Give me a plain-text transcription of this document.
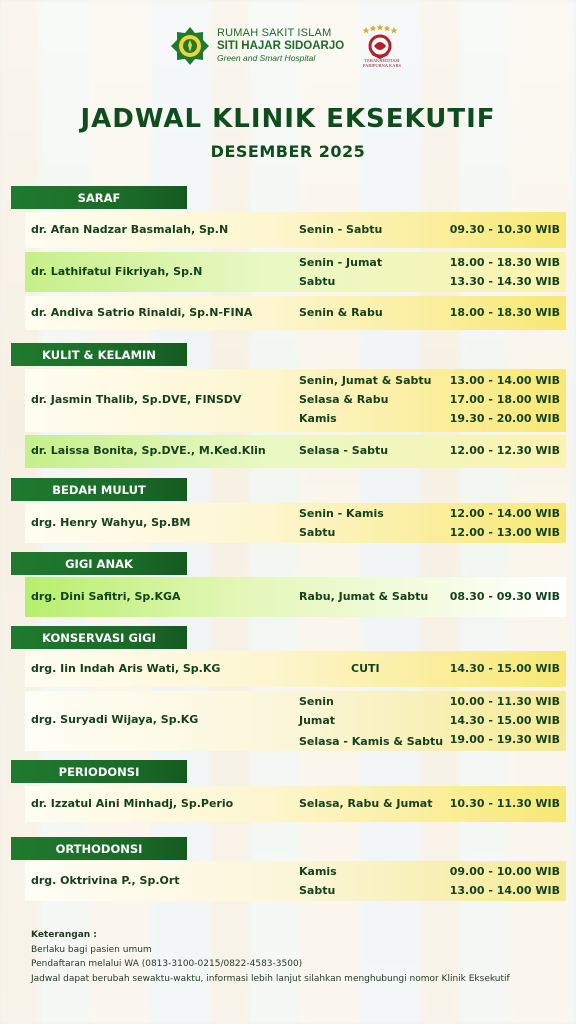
RUMAH SAKIT ISLAM
SITI HAJAR SIDOARJO
Green and Smart Hospital	TERAKREDITASI PARIPURNA KARS
JADWAL KLINIK EKSEKUTIF
DESEMBER 2025
SARAF
dr. Afan Nadzar Basmalah, Sp.N	Senin - Sabtu	09.30 - 10.30 WIB
dr. Lathifatul Fikriyah, Sp.N
Senin - Jumat	18.00 - 18.30 WIB
Sabtu	13.30 - 14.30 WIB
dr. Andiva Satrio Rinaldi, Sp.N-FINA	Senin & Rabu	18.00 - 18.30 WIB
KULIT & KELAMIN
dr. Jasmin Thalib, Sp.DVE, FINSDV
Senin, Jumat & Sabtu 13.00 - 14.00 WIB
Selasa & Rabu	17.00 - 18.00 WIB
Kamis	19.30 - 20.00 WIB
dr. Laissa Bonita, Sp.DVE., M.Ked.Klin	Selasa - Sabtu	12.00 - 12.30 WIB
BEDAH MULUT
drg. Henry Wahyu, Sp.BM
Senin - Kamis	12.00 - 14.00 WIB
Sabtu	12.00 - 13.00 WIB
GIGI ANAK
drg. Dini Safitri, Sp.KGA	Rabu, Jumat & Sabtu 08.30 - 09.30 WIB
KONSERVASI GIGI
drg. Iin Indah Aris Wati, Sp.KG	CUTI	14.30 - 15.00 WIB
drg. Suryadi Wijaya, Sp.KG
Senin	10.00 - 11.30 WIB
Jumat	14.30 - 15.00 WIB
Selasa - Kamis & Sabtu 19.00 - 19.30 WIB
PERIODONSI
dr. Izzatul Aini Minhadj, Sp.Perio	Selasa, Rabu & Jumat 10.30 - 11.30 WIB
ORTHODONSI
drg. Oktrivina P., Sp.Ort
Kamis	09.00 - 10.00 WIB
Sabtu	13.00 - 14.00 WIB
Keterangan :
Berlaku bagi pasien umum
Pendaftaran melalui WA (0813-3100-0215/0822-4583-3500)
Jadwal dapat berubah sewaktu-waktu, informasi lebih lanjut silahkan menghubungi nomor Klinik Eksekutif
